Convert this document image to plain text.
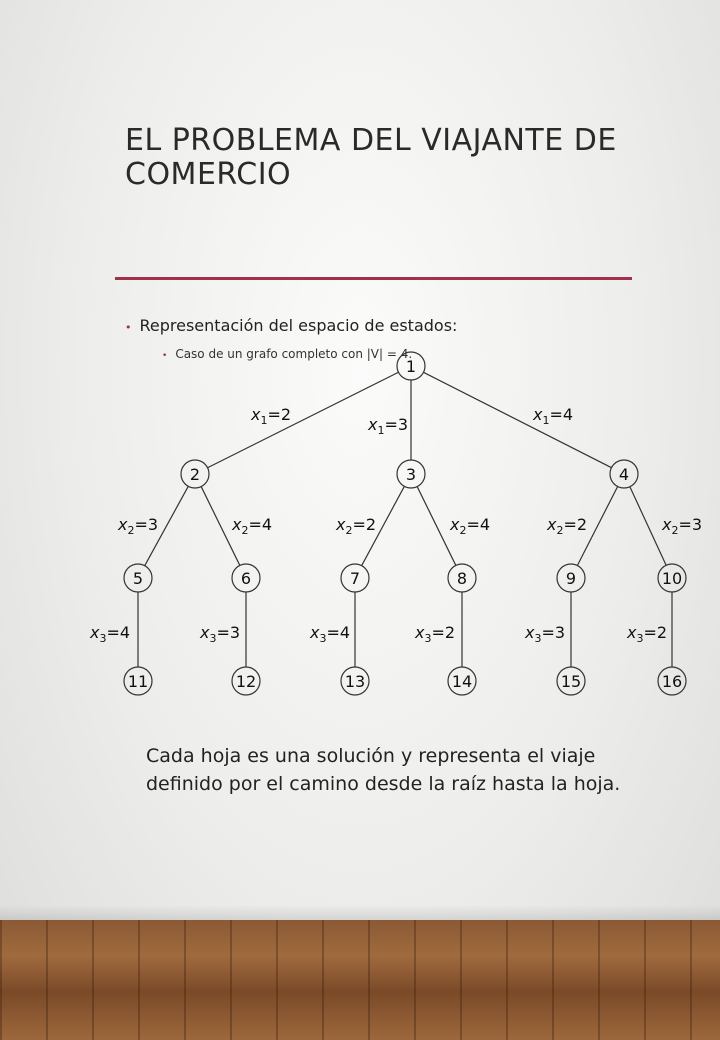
EL PROBLEMA DEL VIAJANTE DE COMERCIO
• Representación del espacio de estados:
• Caso de un grafo completo con |V| = 4.
$x_1=2$
$x_1=3$
$x_1=4$
$x_2=3$	$x_2=4$	$x_2=2$	$x_2=4$	$x_2=2$	$x_2=3$
$x_3=4$	$x_3=3$	$x_3=4$	$x_3=2$	$x_3=3$	$x_3=2$
1
2	3	4
5	6	7	8	9	10
11	12	13	14	15	16
Cada hoja es una solución y representa el viaje definido por el camino desde la raíz hasta la hoja.
